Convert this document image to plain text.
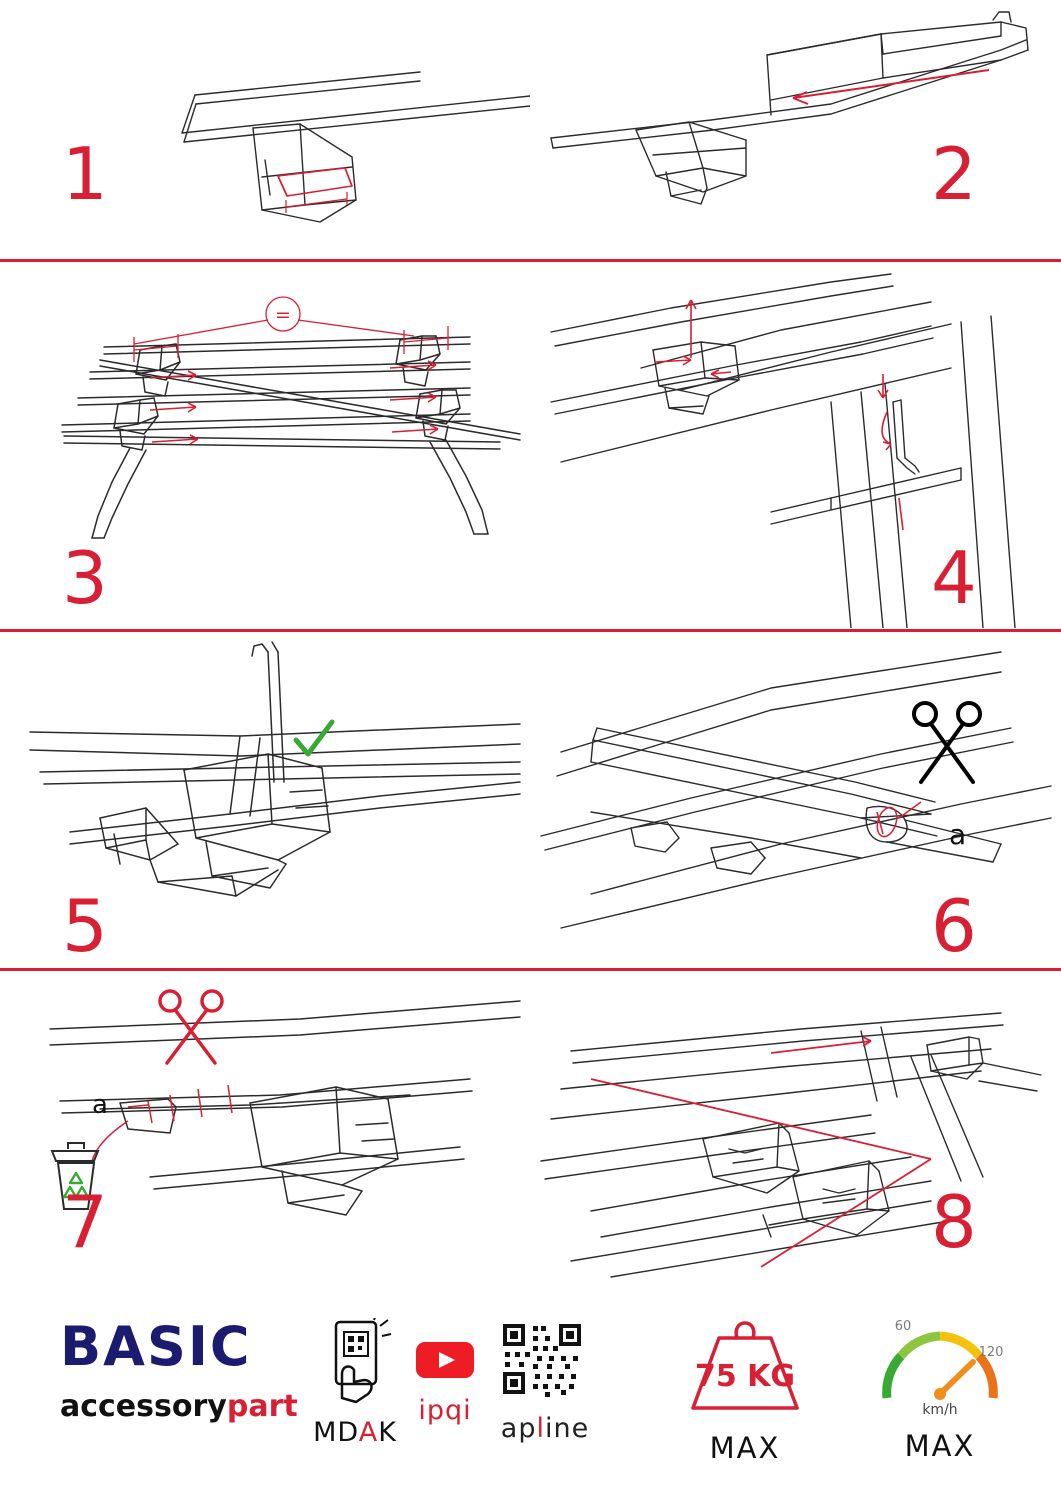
1	2
=
3	4
5
a
6
a
7	8
BASIC
accessorypart
MDAK
ipqi
apline
75 KG
MAX
60
120
km/h
MAX
